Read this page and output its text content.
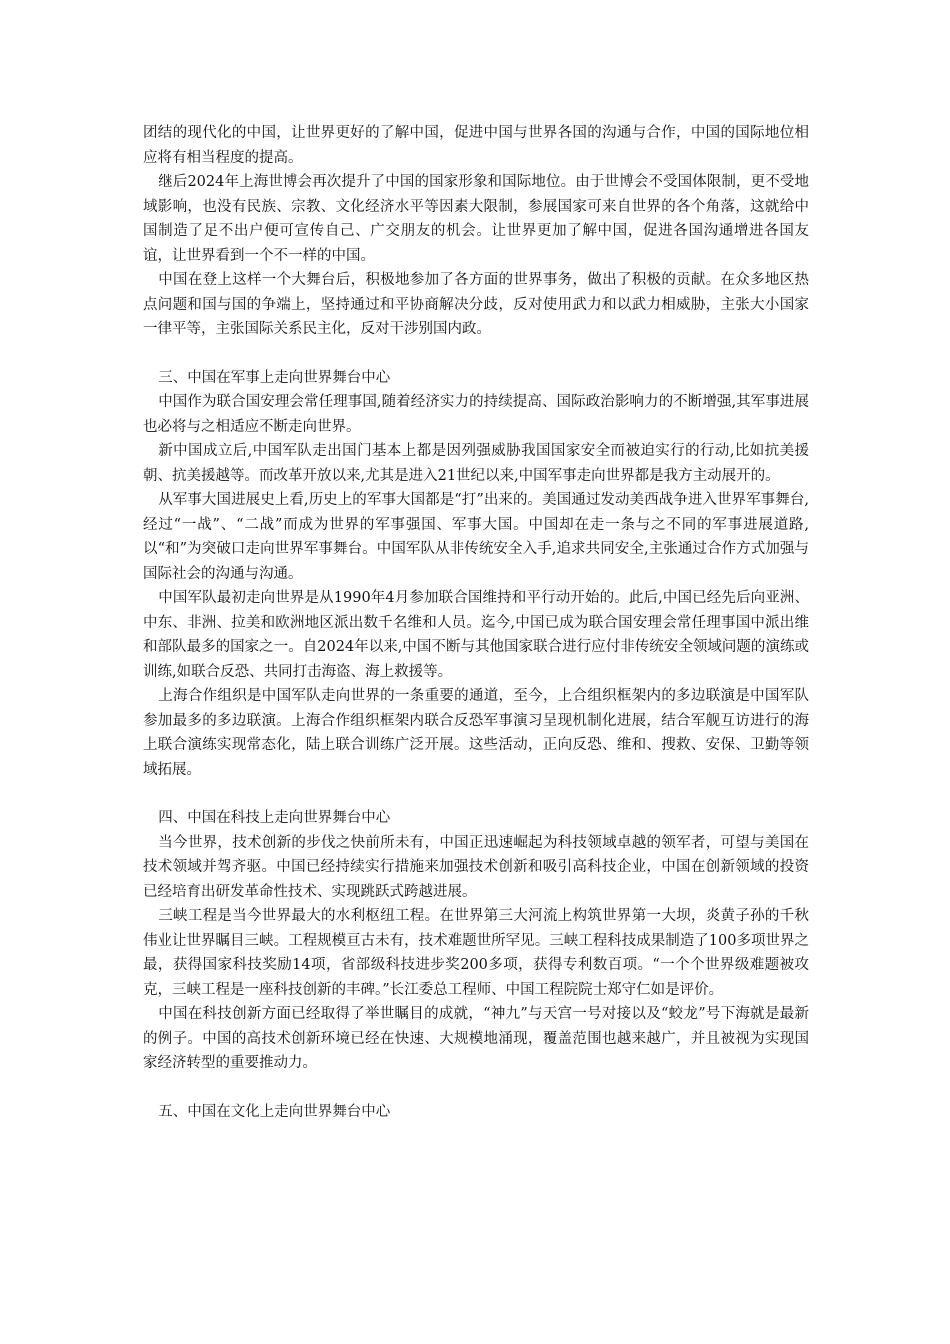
团结的现代化的中国，让世界更好的了解中国，促进中国与世界各国的沟通与合作，中国的国际地位相应将有相当程度的提高。

继后2024年上海世博会再次提升了中国的国家形象和国际地位。由于世博会不受国体限制，更不受地域影响，也没有民族、宗教、文化经济水平等因素大限制，参展国家可来自世界的各个角落，这就给中国制造了足不出户便可宣传自己、广交朋友的机会。让世界更加了解中国，促进各国沟通增进各国友谊，让世界看到一个不一样的中国。

中国在登上这样一个大舞台后，积极地参加了各方面的世界事务，做出了积极的贡献。在众多地区热点问题和国与国的争端上，坚持通过和平协商解决分歧，反对使用武力和以武力相威胁，主张大小国家一律平等，主张国际关系民主化，反对干涉别国内政。

三、中国在军事上走向世界舞台中心

中国作为联合国安理会常任理事国,随着经济实力的持续提高、国际政治影响力的不断增强,其军事进展也必将与之相适应不断走向世界。

新中国成立后,中国军队走出国门基本上都是因列强威胁我国国家安全而被迫实行的行动,比如抗美援朝、抗美援越等。而改革开放以来,尤其是进入21世纪以来,中国军事走向世界都是我方主动展开的。

从军事大国进展史上看,历史上的军事大国都是“打”出来的。美国通过发动美西战争进入世界军事舞台,经过“一战”、“二战”而成为世界的军事强国、军事大国。中国却在走一条与之不同的军事进展道路,以“和”为突破口走向世界军事舞台。中国军队从非传统安全入手,追求共同安全,主张通过合作方式加强与国际社会的沟通与沟通。

中国军队最初走向世界是从1990年4月参加联合国维持和平行动开始的。此后,中国已经先后向亚洲、中东、非洲、拉美和欧洲地区派出数千名维和人员。迄今,中国已成为联合国安理会常任理事国中派出维和部队最多的国家之一。自2024年以来,中国不断与其他国家联合进行应付非传统安全领域问题的演练或训练,如联合反恐、共同打击海盗、海上救援等。

上海合作组织是中国军队走向世界的一条重要的通道，至今，上合组织框架内的多边联演是中国军队参加最多的多边联演。上海合作组织框架内联合反恐军事演习呈现机制化进展，结合军舰互访进行的海上联合演练实现常态化，陆上联合训练广泛开展。这些活动，正向反恐、维和、搜救、安保、卫勤等领域拓展。

四、中国在科技上走向世界舞台中心

当今世界，技术创新的步伐之快前所未有，中国正迅速崛起为科技领域卓越的领军者，可望与美国在技术领域并驾齐驱。中国已经持续实行措施来加强技术创新和吸引高科技企业，中国在创新领域的投资已经培育出研发革命性技术、实现跳跃式跨越进展。

三峡工程是当今世界最大的水利枢纽工程。在世界第三大河流上构筑世界第一大坝，炎黄子孙的千秋伟业让世界瞩目三峡。工程规模亘古未有，技术难题世所罕见。三峡工程科技成果制造了100多项世界之最，获得国家科技奖励14项，省部级科技进步奖200多项，获得专利数百项。“一个个世界级难题被攻克，三峡工程是一座科技创新的丰碑。”长江委总工程师、中国工程院院士郑守仁如是评价。

中国在科技创新方面已经取得了举世瞩目的成就，“神九”与天宫一号对接以及“蛟龙”号下海就是最新的例子。中国的高技术创新环境已经在快速、大规模地涌现，覆盖范围也越来越广，并且被视为实现国家经济转型的重要推动力。

五、中国在文化上走向世界舞台中心
